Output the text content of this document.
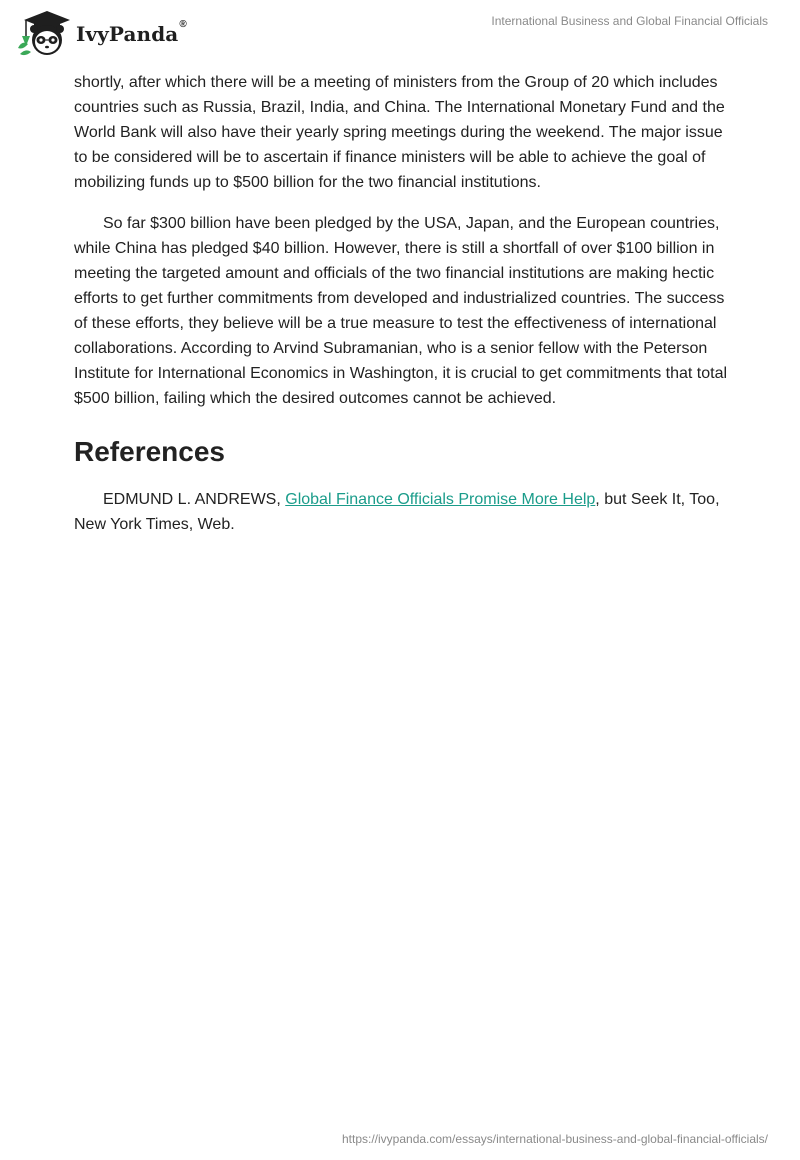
IvyPanda®	International Business and Global Financial Officials

shortly, after which there will be a meeting of ministers from the Group of 20 which includes countries such as Russia, Brazil, India, and China. The International Monetary Fund and the World Bank will also have their yearly spring meetings during the weekend. The major issue to be considered will be to ascertain if finance ministers will be able to achieve the goal of mobilizing funds up to $500 billion for the two financial institutions.

So far $300 billion have been pledged by the USA, Japan, and the European countries, while China has pledged $40 billion. However, there is still a shortfall of over $100 billion in meeting the targeted amount and officials of the two financial institutions are making hectic efforts to get further commitments from developed and industrialized countries. The success of these efforts, they believe will be a true measure to test the effectiveness of international collaborations. According to Arvind Subramanian, who is a senior fellow with the Peterson Institute for International Economics in Washington, it is crucial to get commitments that total $500 billion, failing which the desired outcomes cannot be achieved.

References

EDMUND L. ANDREWS, Global Finance Officials Promise More Help, but Seek It, Too, New York Times, Web.

https://ivypanda.com/essays/international-business-and-global-financial-officials/
